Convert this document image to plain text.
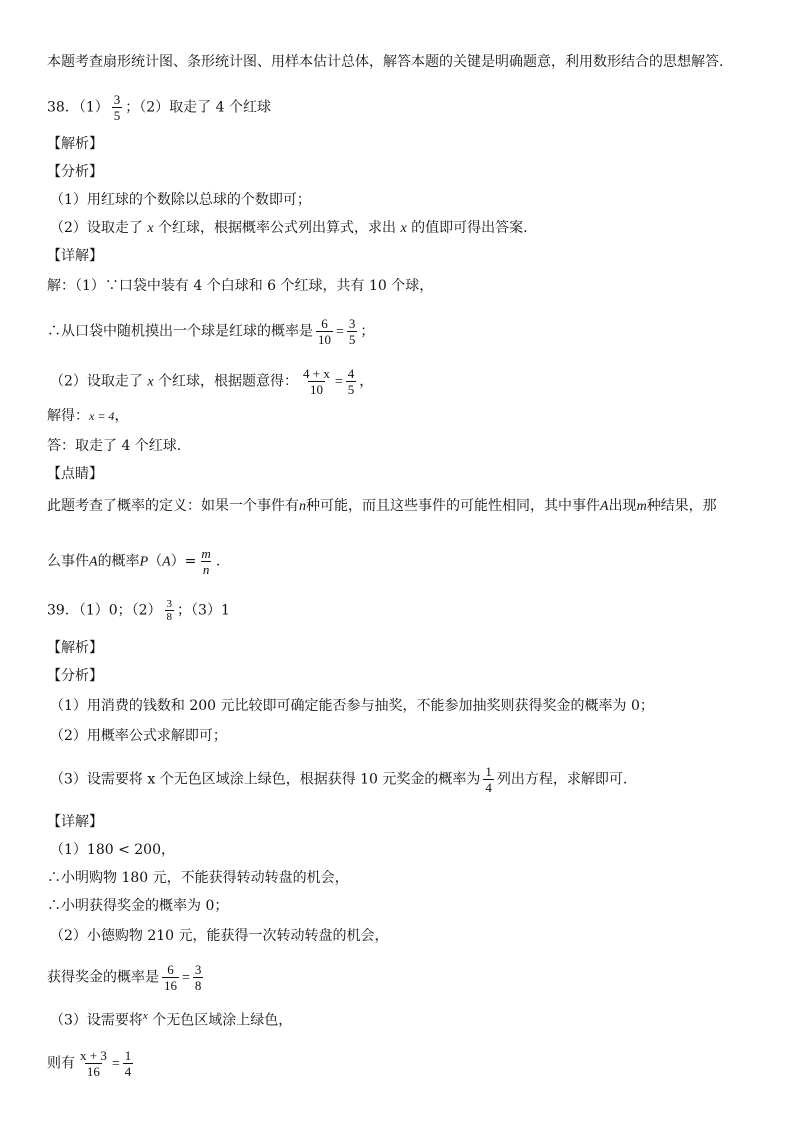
本题考查扇形统计图、条形统计图、用样本估计总体，解答本题的关键是明确题意，利用数形结合的思想解答.
38．$(1) \frac{3}{5}$ ；（2）取走了 4 个红球
【解析】
【分析】
（1）用红球的个数除以总球的个数即可；
（2）设取走了 x 个红球，根据概率公式列出算式，求出 x 的值即可得出答案.
【详解】
解：（1）∵口袋中装有 4 个白球和 6 个红球，共有 10 个球，
∴从口袋中随机摸出一个球是红球的概率是 $\frac{6}{10} = \frac{3}{5}$ ；
（2）设取走了 x 个红球，根据题意得： $\frac{4 + x}{10} = \frac{4}{5}$ ，
解得：x = 4，
答：取走了 4 个红球.
【点睛】
此题考查了概率的定义：如果一个事件有n种可能，而且这些事件的可能性相同，其中事件A出现m种结果，那
么事件A的概率$P(A)= \frac{m}{n}$ .
39．（1）0；$(2) \frac{3}{8}$ ；（3）1
【解析】
【分析】
（1）用消费的钱数和 200 元比较即可确定能否参与抽奖，不能参加抽奖则获得奖金的概率为 0；
（2）用概率公式求解即可；
（3）设需要将 x 个无色区域涂上绿色，根据获得 10 元奖金的概率为 $\frac{1}{4}$ 列出方程，求解即可.
【详解】
（1）180 < 200，
∴小明购物 180 元，不能获得转动转盘的机会，
∴小明获得奖金的概率为 0；
（2）小德购物 210 元，能获得一次转动转盘的机会，
获得奖金的概率是 $\frac{6}{16} = \frac{3}{8}$
（3）设需要将$^x$ 个无色区域涂上绿色，
则有 $\frac{x + 3}{16} = \frac{1}{4}$
